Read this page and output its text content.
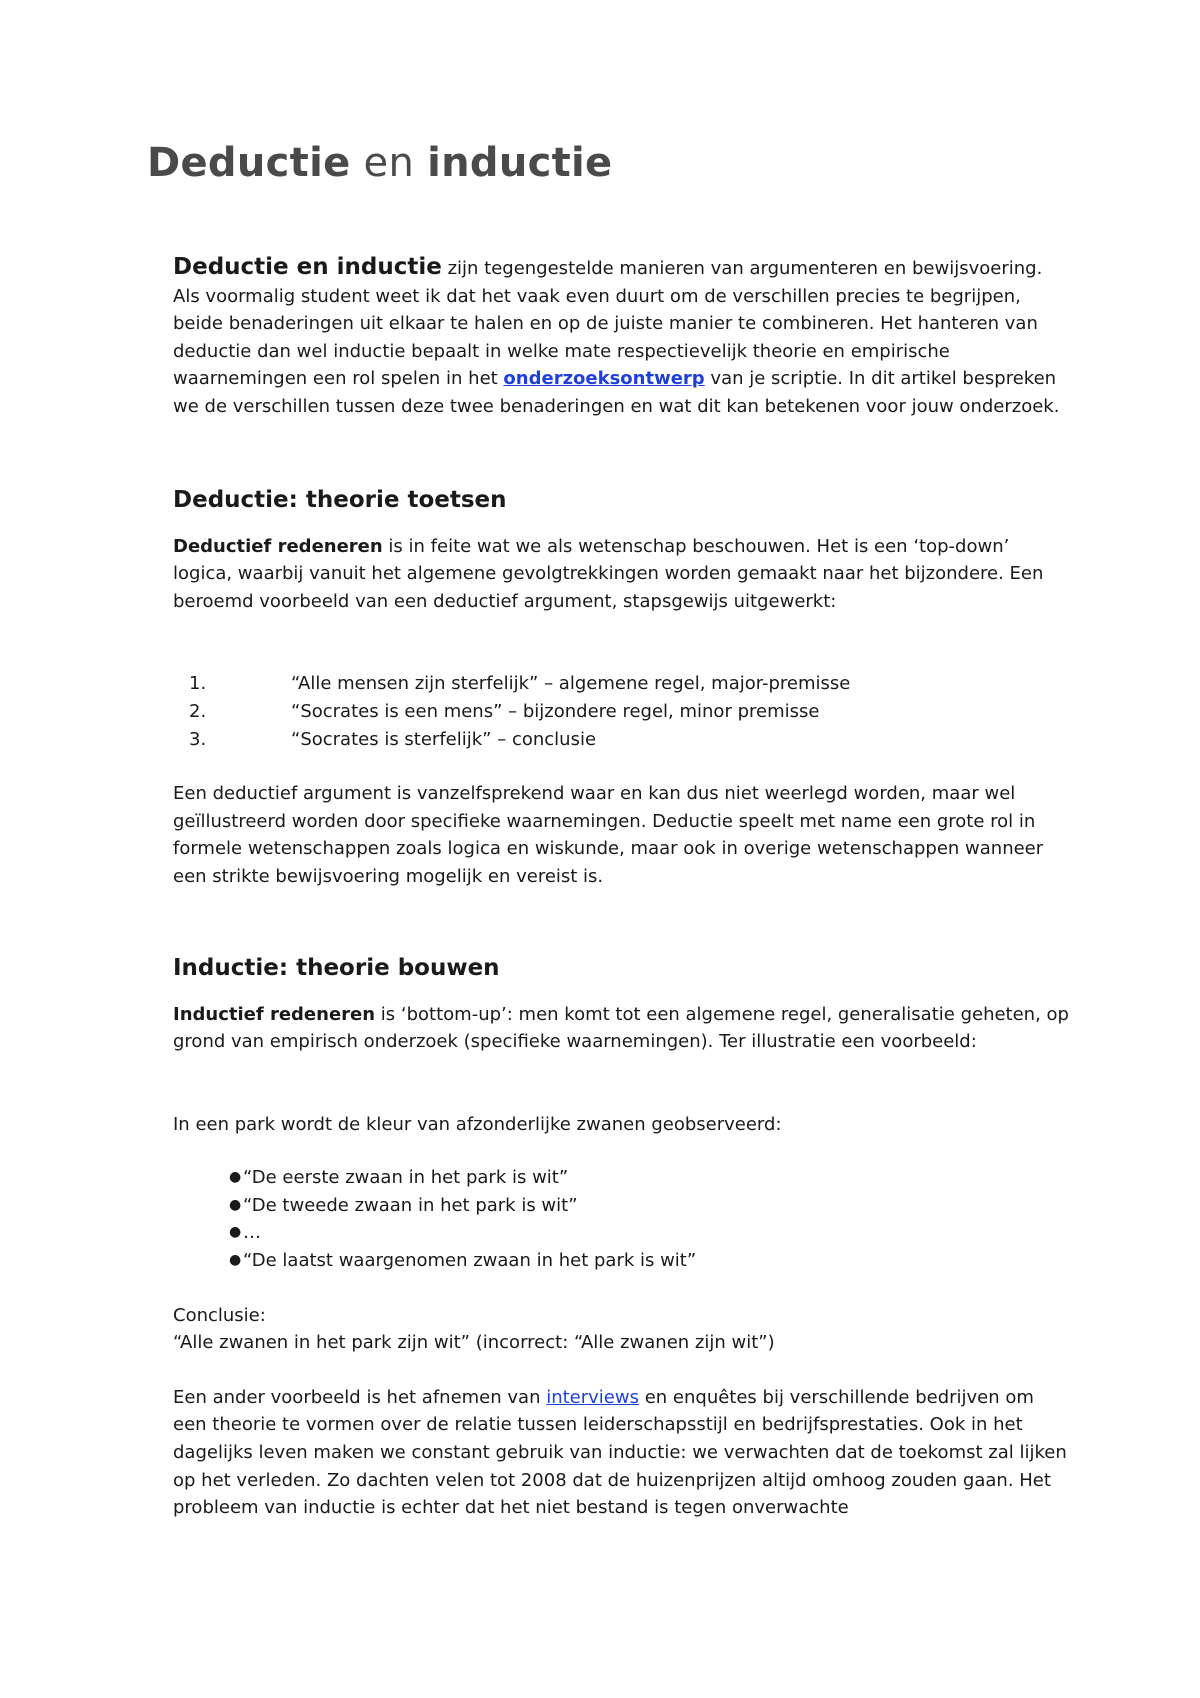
Deductie en inductie

Deductie en inductie zijn tegengestelde manieren van argumenteren en bewijsvoering. Als voormalig student weet ik dat het vaak even duurt om de verschillen precies te begrijpen, beide benaderingen uit elkaar te halen en op de juiste manier te combineren. Het hanteren van deductie dan wel inductie bepaalt in welke mate respectievelijk theorie en empirische waarnemingen een rol spelen in het onderzoeksontwerp van je scriptie. In dit artikel bespreken we de verschillen tussen deze twee benaderingen en wat dit kan betekenen voor jouw onderzoek.

Deductie: theorie toetsen

Deductief redeneren is in feite wat we als wetenschap beschouwen. Het is een ‘top-down’ logica, waarbij vanuit het algemene gevolgtrekkingen worden gemaakt naar het bijzondere. Een beroemd voorbeeld van een deductief argument, stapsgewijs uitgewerkt:

1.	“Alle mensen zijn sterfelijk” – algemene regel, major-premisse
2.	“Socrates is een mens” – bijzondere regel, minor premisse
3.	“Socrates is sterfelijk” – conclusie

Een deductief argument is vanzelfsprekend waar en kan dus niet weerlegd worden, maar wel geïllustreerd worden door specifieke waarnemingen. Deductie speelt met name een grote rol in formele wetenschappen zoals logica en wiskunde, maar ook in overige wetenschappen wanneer een strikte bewijsvoering mogelijk en vereist is.

Inductie: theorie bouwen

Inductief redeneren is ‘bottom-up’: men komt tot een algemene regel, generalisatie geheten, op grond van empirisch onderzoek (specifieke waarnemingen). Ter illustratie een voorbeeld:

In een park wordt de kleur van afzonderlijke zwanen geobserveerd:

● “De eerste zwaan in het park is wit”
● “De tweede zwaan in het park is wit”
● …
● “De laatst waargenomen zwaan in het park is wit”

Conclusie:

“Alle zwanen in het park zijn wit” (incorrect: “Alle zwanen zijn wit”)

Een ander voorbeeld is het afnemen van interviews en enquêtes bij verschillende bedrijven om een theorie te vormen over de relatie tussen leiderschapsstijl en bedrijfsprestaties. Ook in het dagelijks leven maken we constant gebruik van inductie: we verwachten dat de toekomst zal lijken op het verleden. Zo dachten velen tot 2008 dat de huizenprijzen altijd omhoog zouden gaan. Het probleem van inductie is echter dat het niet bestand is tegen onverwachte
